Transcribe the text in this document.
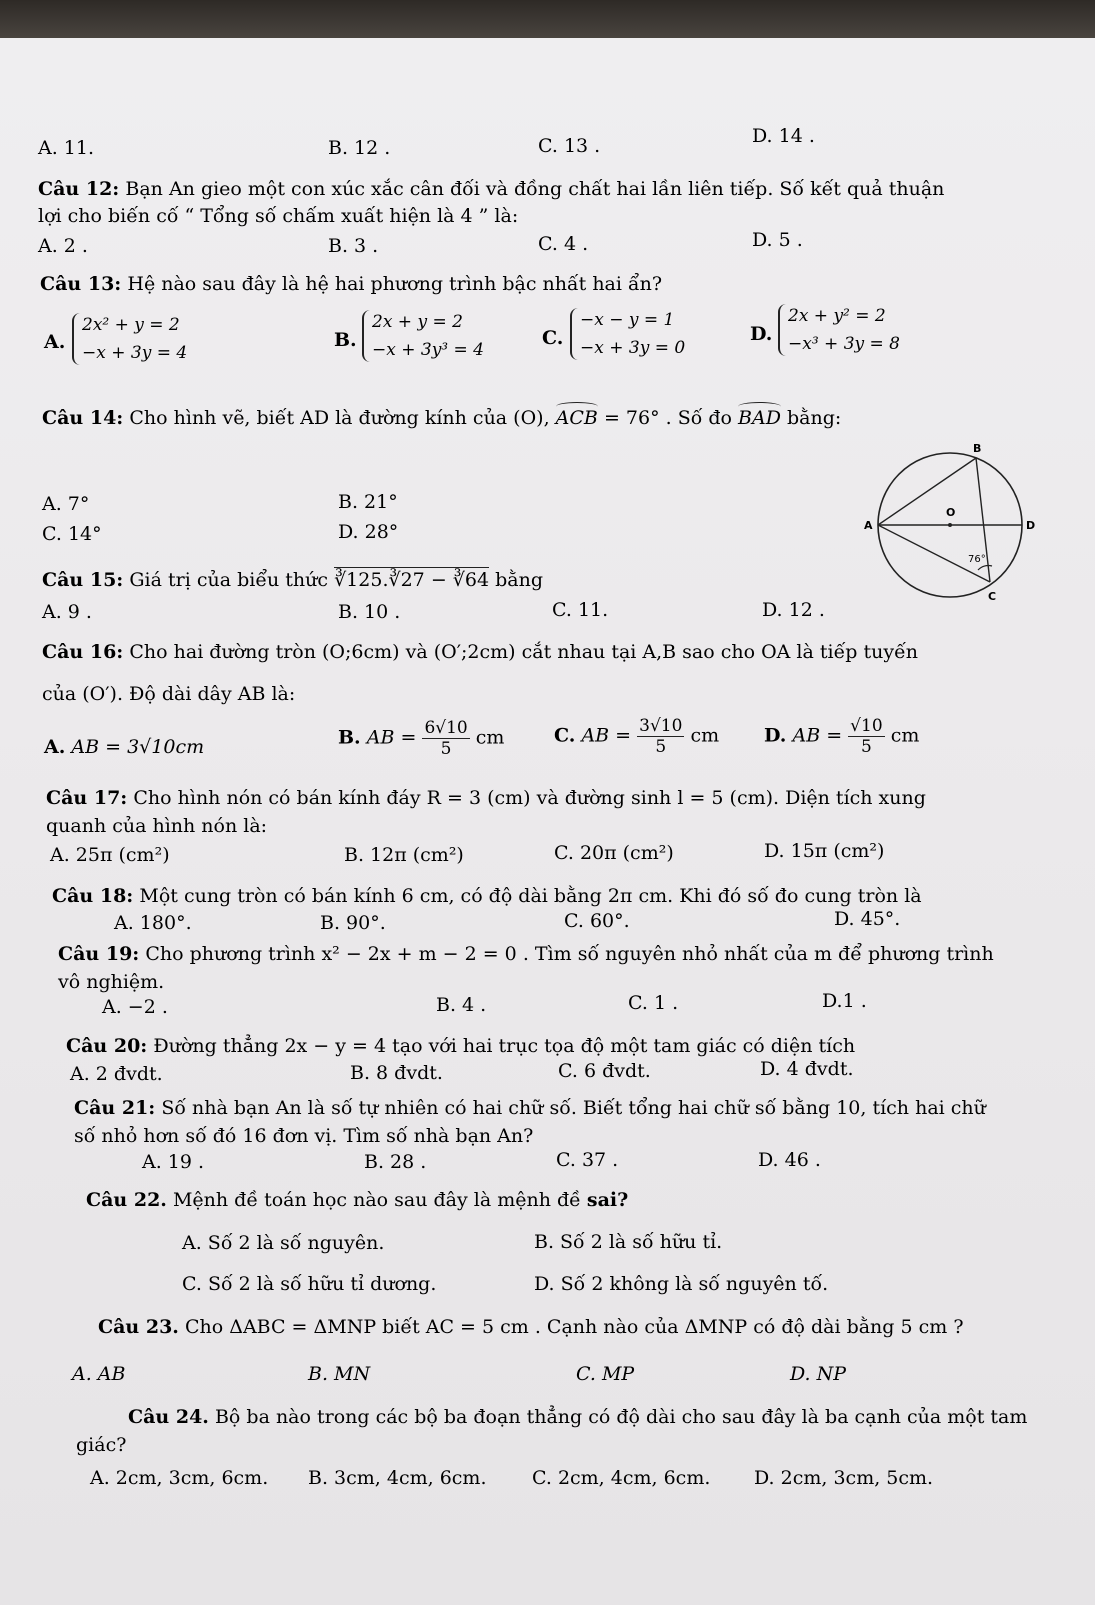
A. 11.	B. 12 .	C. 13 .	D. 14 .
Câu 12: Bạn An gieo một con xúc xắc cân đối và đồng chất hai lần liên tiếp. Số kết quả thuận
lợi cho biến cố “ Tổng số chấm xuất hiện là 4 ” là:
A. 2 .	B. 3 .	C. 4 .	D. 5 .
Câu 13: Hệ nào sau đây là hệ hai phương trình bậc nhất hai ẩn?
A.
2x² + y = 2
−x + 3y = 4
B.
2x + y = 2
−x + 3y³ = 4
C.
−x − y = 1
−x + 3y = 0
D.
2x + y² = 2
−x³ + 3y = 8
Câu 14: Cho hình vẽ, biết AD là đường kính của (O), ACB = 76° . Số đo BAD bằng:
A. 7°	B. 21°
C. 14°	D. 28°
B
O
A	D
C
76°
Câu 15: Giá trị của biểu thức ∛125.∛27 − ∛64 bằng
A. 9 .	B. 10 .	C. 11.	D. 12 .
Câu 16: Cho hai đường tròn (O;6cm) và (O′;2cm) cắt nhau tại A,B sao cho OA là tiếp tuyến
của (O′). Độ dài dây AB là:
A. AB = 3√10cm	B. AB = $\frac{6√10}{5}$ cm	C. AB = $\frac{3√10}{5}$ cm D. AB = $\frac{√10}{5}$ cm
Câu 17: Cho hình nón có bán kính đáy R = 3 (cm) và đường sinh l = 5 (cm). Diện tích xung
quanh của hình nón là:
A. 25π (cm²)	B. 12π (cm²)	C. 20π (cm²)	D. 15π (cm²)
Câu 18: Một cung tròn có bán kính 6 cm, có độ dài bằng 2π cm. Khi đó số đo cung tròn là
A. 180°.	B. 90°.	C. 60°.	D. 45°.
Câu 19: Cho phương trình x² − 2x + m − 2 = 0 . Tìm số nguyên nhỏ nhất của m để phương trình
vô nghiệm.
A. −2 .	B. 4 .	C. 1 .	D.1 .
Câu 20: Đường thẳng 2x − y = 4 tạo với hai trục tọa độ một tam giác có diện tích
A. 2 đvdt.	B. 8 đvdt.	C. 6 đvdt.	D. 4 đvdt.
Câu 21: Số nhà bạn An là số tự nhiên có hai chữ số. Biết tổng hai chữ số bằng 10, tích hai chữ
số nhỏ hơn số đó 16 đơn vị. Tìm số nhà bạn An?
A. 19 .	B. 28 .	C. 37 .	D. 46 .
Câu 22. Mệnh đề toán học nào sau đây là mệnh đề sai?
A. Số 2 là số nguyên.	B. Số 2 là số hữu tỉ.
C. Số 2 là số hữu tỉ dương.	D. Số 2 không là số nguyên tố.
Câu 23. Cho ΔABC = ΔMNP biết AC = 5 cm . Cạnh nào của ΔMNP có độ dài bằng 5 cm ?
A. AB	B. MN	C. MP	D. NP
Câu 24. Bộ ba nào trong các bộ ba đoạn thẳng có độ dài cho sau đây là ba cạnh của một tam
giác?
A. 2cm, 3cm, 6cm. B. 3cm, 4cm, 6cm. C. 2cm, 4cm, 6cm. D. 2cm, 3cm, 5cm.
